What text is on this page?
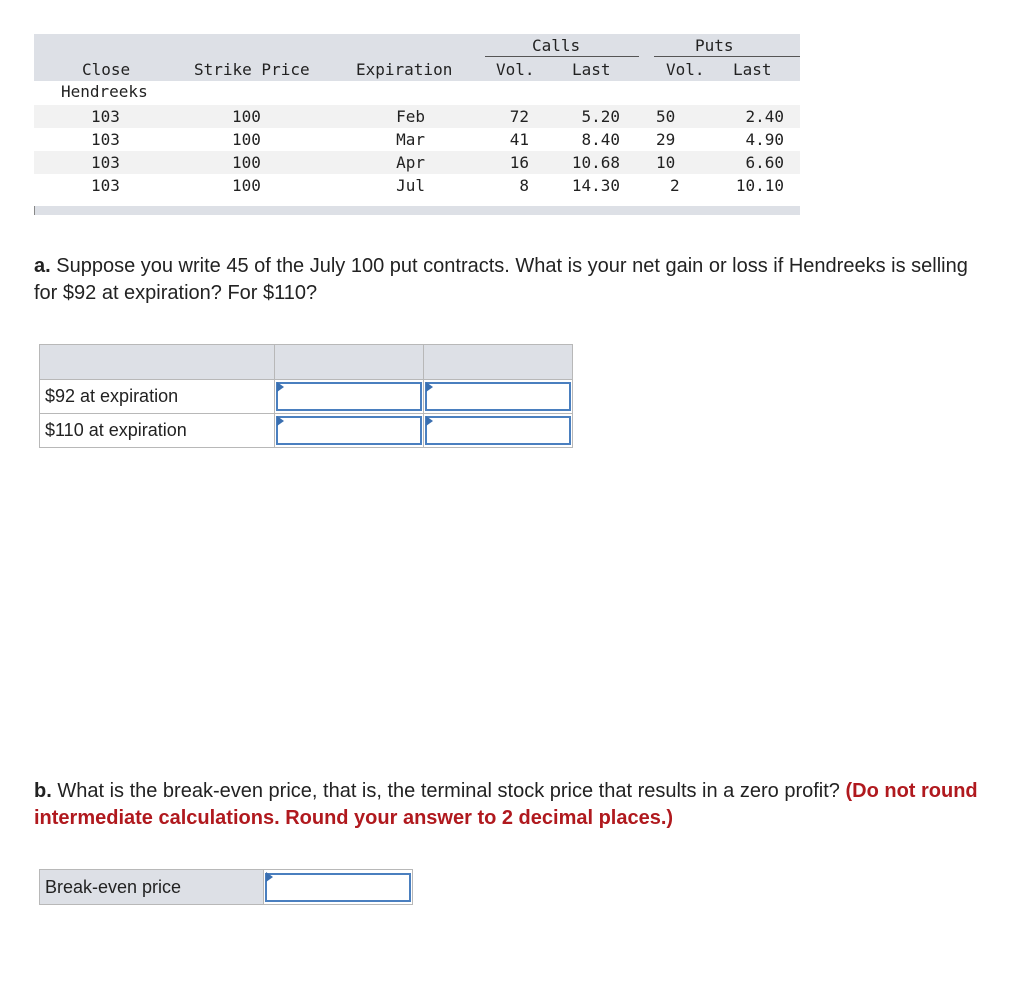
Calls	Puts
Close	Strike Price	Expiration	Vol. Last	Vol. Last
Hendreeks
103	100	Feb	72	5.20 50	2.40
103	100	Mar	41	8.40 29	4.90
103	100	Apr	16	10.68 10	6.60
103	100	Jul	8	14.30	2	10.10
a. Suppose you write 45 of the July 100 put contracts. What is your net gain or loss if Hendreeks is selling for $92 at expiration? For $110?

$92 at expiration	

$110 at expiration	

b. What is the break-even price, that is, the terminal stock price that results in a zero profit? (Do not round intermediate calculations. Round your answer to 2 decimal places.)
Break-even price	
